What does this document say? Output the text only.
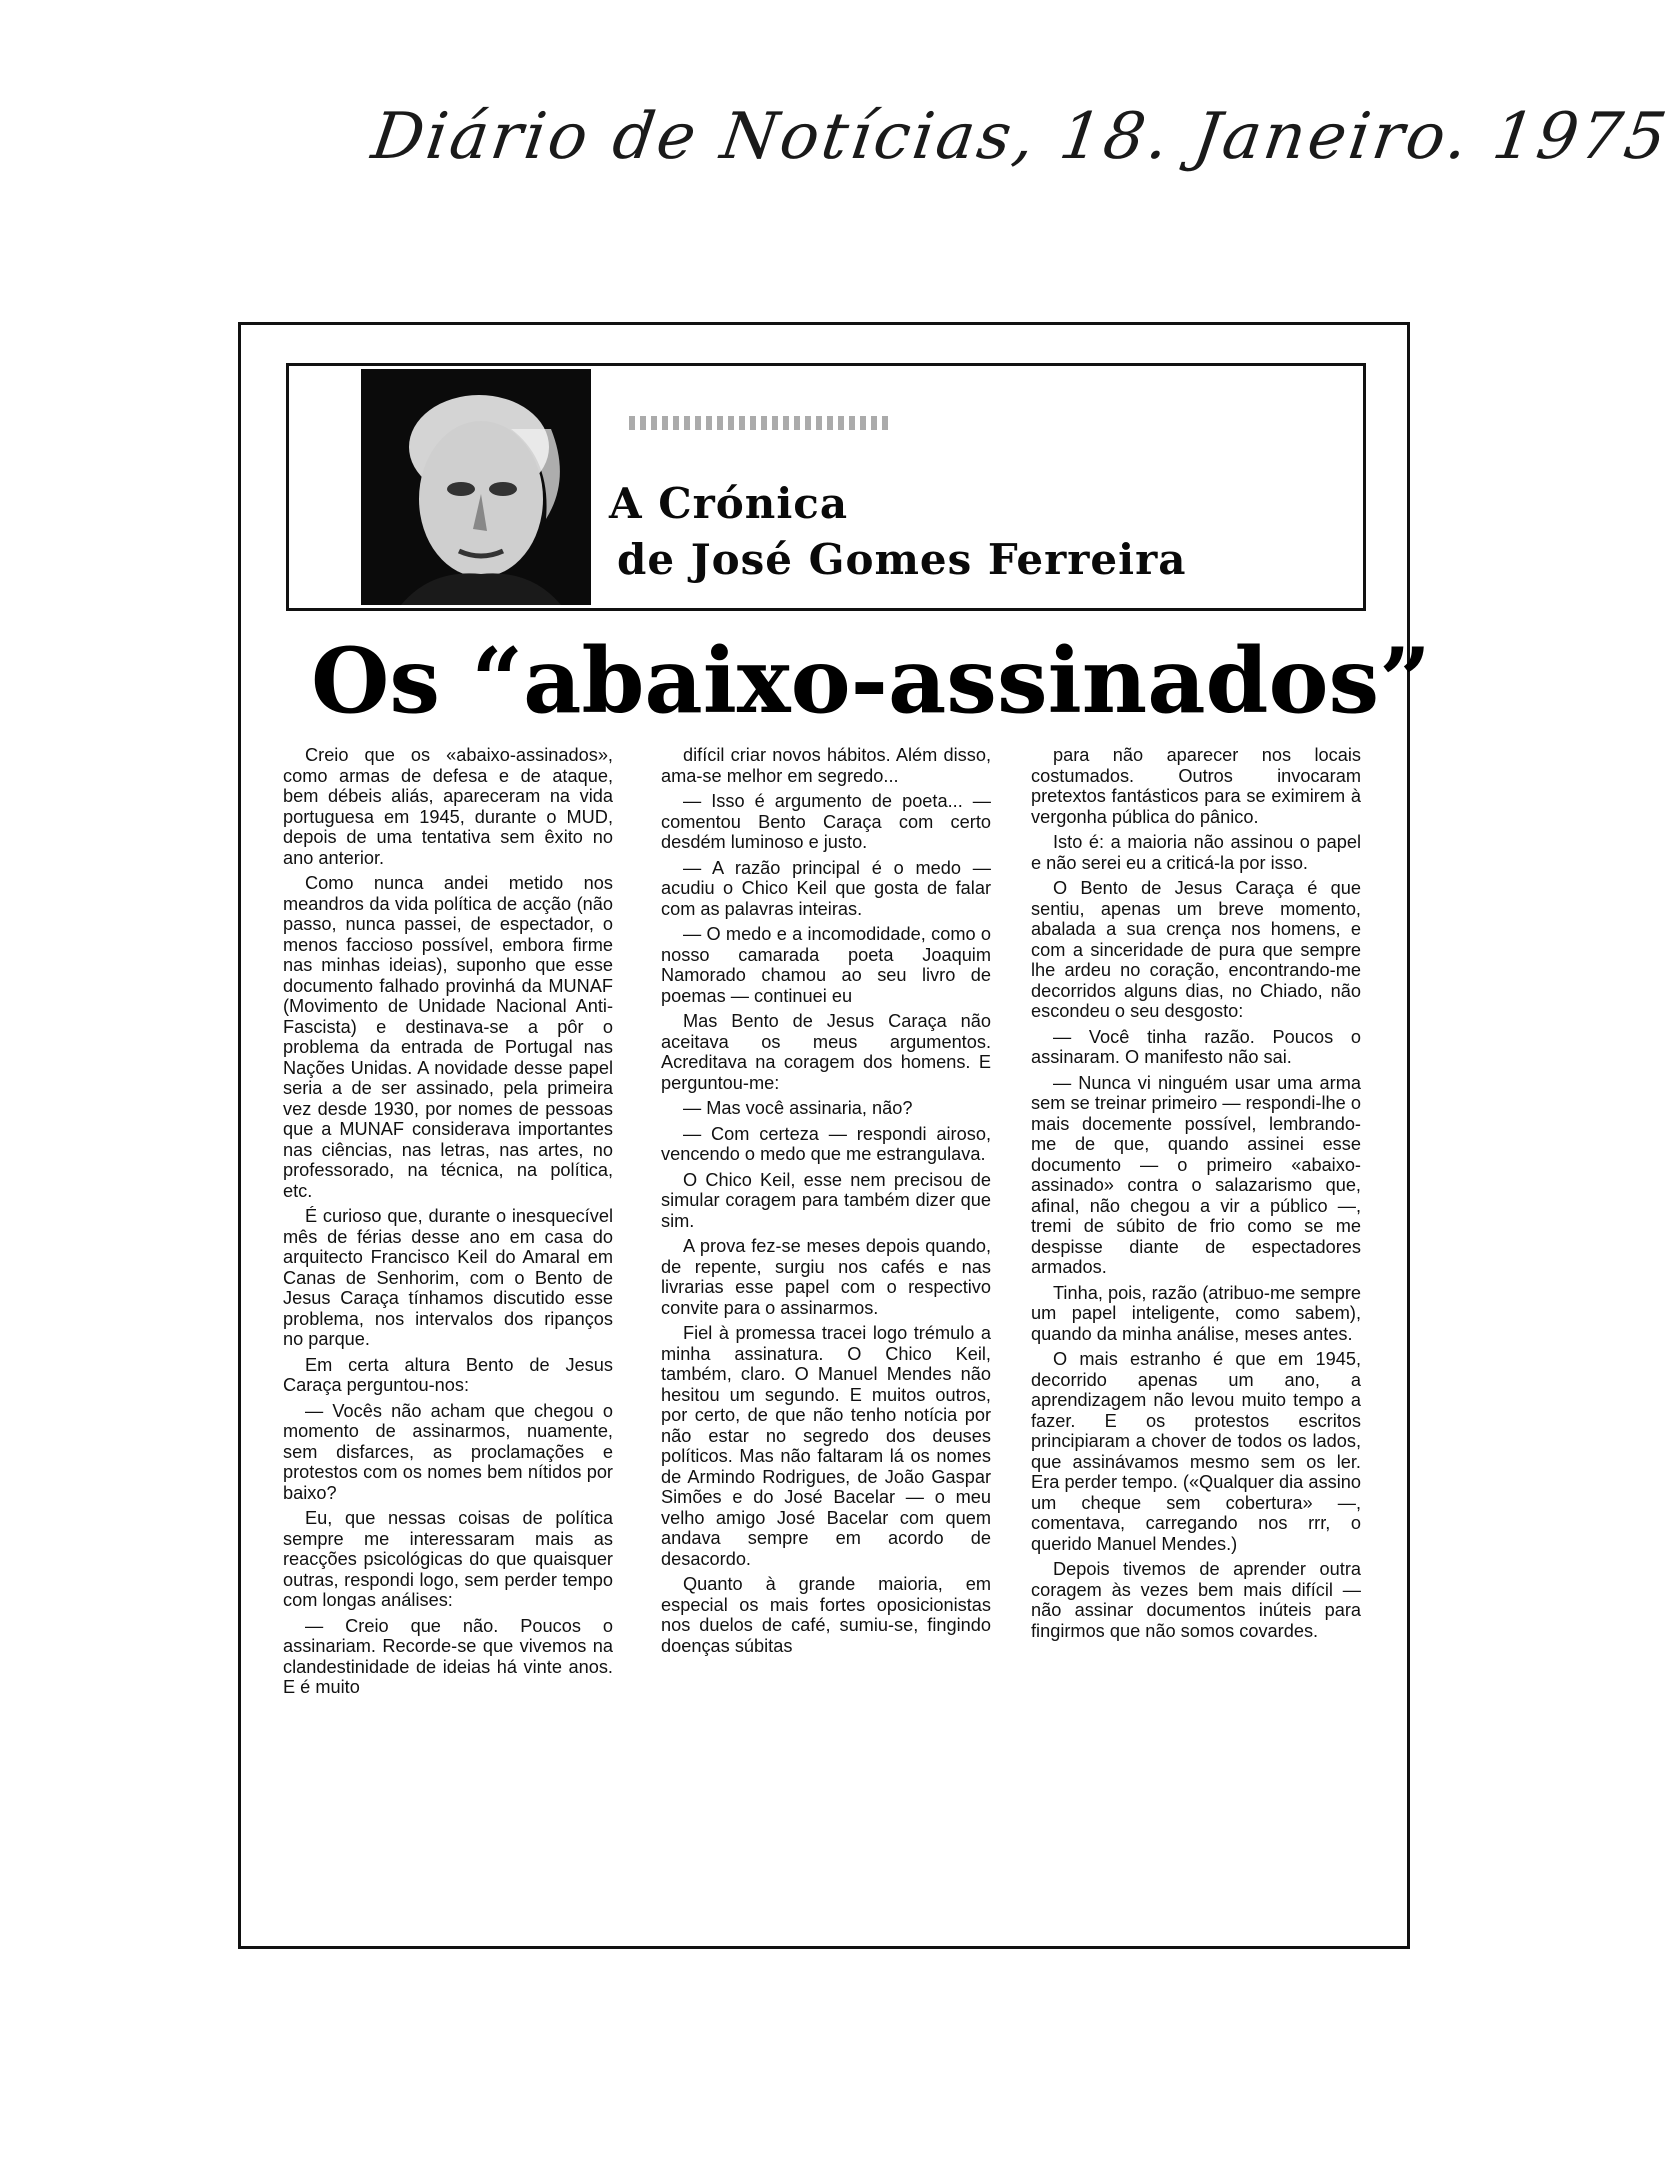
Diário de Notícias, 18. Janeiro. 1975
A Crónica
de José Gomes Ferreira
Os “abaixo-assinados”

Creio que os «abaixo-assinados», como armas de defesa e de ataque, bem débeis aliás, apareceram na vida portuguesa em 1945, durante o MUD, depois de uma tentativa sem êxito no ano anterior.

Como nunca andei metido nos meandros da vida política de acção (não passo, nunca passei, de espectador, o menos faccioso possível, embora firme nas minhas ideias), suponho que esse documento falhado provinhá da MUNAF (Movimento de Unidade Nacional Anti-Fascista) e destinava-se a pôr o problema da entrada de Portugal nas Nações Unidas. A novidade desse papel seria a de ser assinado, pela primeira vez desde 1930, por nomes de pessoas que a MUNAF considerava importantes nas ciências, nas letras, nas artes, no professorado, na técnica, na política, etc.

É curioso que, durante o inesquecível mês de férias desse ano em casa do arquitecto Francisco Keil do Amaral em Canas de Senhorim, com o Bento de Jesus Caraça tínhamos discutido esse problema, nos intervalos dos ripanços no parque.

Em certa altura Bento de Jesus Caraça perguntou-nos:

— Vocês não acham que chegou o momento de assinarmos, nuamente, sem disfarces, as proclamações e protestos com os nomes bem nítidos por baixo?

Eu, que nessas coisas de política sempre me interessaram mais as reacções psicológicas do que quaisquer outras, respondi logo, sem perder tempo com longas análises:

— Creio que não. Poucos o assinariam. Recorde-se que vivemos na clandestinidade de ideias há vinte anos. E é muito

difícil criar novos hábitos. Além disso, ama-se melhor em segredo...

— Isso é argumento de poeta... — comentou Bento Caraça com certo desdém luminoso e justo.

— A razão principal é o medo — acudiu o Chico Keil que gosta de falar com as palavras inteiras.

— O medo e a incomodidade, como o nosso camarada poeta Joaquim Namorado chamou ao seu livro de poemas — continuei eu

Mas Bento de Jesus Caraça não aceitava os meus argumentos. Acreditava na coragem dos homens. E perguntou-me:

— Mas você assinaria, não?

— Com certeza — respondi airoso, vencendo o medo que me estrangulava.

O Chico Keil, esse nem precisou de simular coragem para também dizer que sim.

A prova fez-se meses depois quando, de repente, surgiu nos cafés e nas livrarias esse papel com o respectivo convite para o assinarmos.

Fiel à promessa tracei logo trémulo a minha assinatura. O Chico Keil, também, claro. O Manuel Mendes não hesitou um segundo. E muitos outros, por certo, de que não tenho notícia por não estar no segredo dos deuses políticos. Mas não faltaram lá os nomes de Armindo Rodrigues, de João Gaspar Simões e do José Bacelar — o meu velho amigo José Bacelar com quem andava sempre em acordo de desacordo.

Quanto à grande maioria, em especial os mais fortes oposicionistas nos duelos de café, sumiu-se, fingindo doenças súbitas

para não aparecer nos locais costumados. Outros invocaram pretextos fantásticos para se eximirem à vergonha pública do pânico.

Isto é: a maioria não assinou o papel e não serei eu a criticá-la por isso.

O Bento de Jesus Caraça é que sentiu, apenas um breve momento, abalada a sua crença nos homens, e com a sinceridade de pura que sempre lhe ardeu no coração, encontrando-me decorridos alguns dias, no Chiado, não escondeu o seu desgosto:

— Você tinha razão. Poucos o assinaram. O manifesto não sai.

— Nunca vi ninguém usar uma arma sem se treinar primeiro — respondi-lhe o mais docemente possível, lembrando-me de que, quando assinei esse documento — o primeiro «abaixo-assinado» contra o salazarismo que, afinal, não chegou a vir a público —, tremi de súbito de frio como se me despisse diante de espectadores armados.

Tinha, pois, razão (atribuo-me sempre um papel inteligente, como sabem), quando da minha análise, meses antes.

O mais estranho é que em 1945, decorrido apenas um ano, a aprendizagem não levou muito tempo a fazer. E os protestos escritos principiaram a chover de todos os lados, que assinávamos mesmo sem os ler. Era perder tempo. («Qualquer dia assino um cheque sem cobertura» —, comentava, carregando nos rrr, o querido Manuel Mendes.)

Depois tivemos de aprender outra coragem às vezes bem mais difícil — não assinar documentos inúteis para fingirmos que não somos covardes.
